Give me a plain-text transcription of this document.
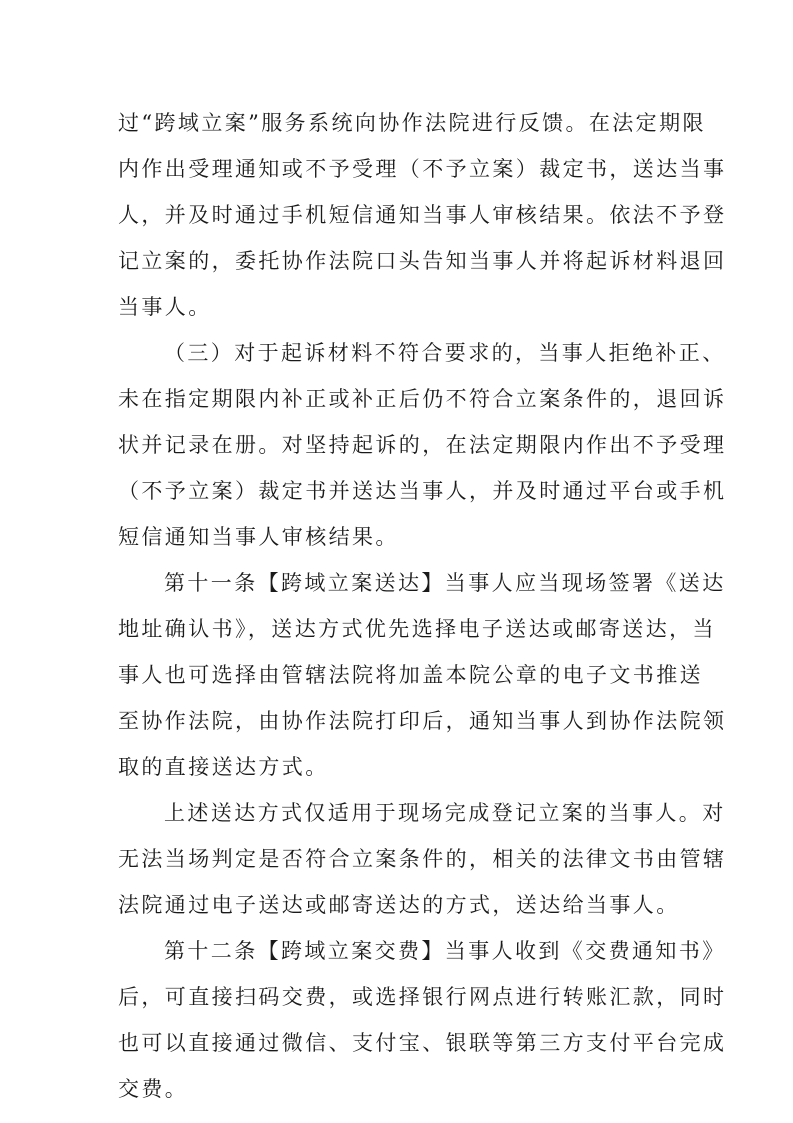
过“跨域立案”服务系统向协作法院进行反馈。在法定期限
内作出受理通知或不予受理（不予立案）裁定书，送达当事
人，并及时通过手机短信通知当事人审核结果。依法不予登
记立案的，委托协作法院口头告知当事人并将起诉材料退回
当事人。
（三）对于起诉材料不符合要求的，当事人拒绝补正、
未在指定期限内补正或补正后仍不符合立案条件的，退回诉
状并记录在册。对坚持起诉的，在法定期限内作出不予受理
（不予立案）裁定书并送达当事人，并及时通过平台或手机
短信通知当事人审核结果。
第十一条【跨域立案送达】当事人应当现场签署《送达
地址确认书》，送达方式优先选择电子送达或邮寄送达，当
事人也可选择由管辖法院将加盖本院公章的电子文书推送
至协作法院，由协作法院打印后，通知当事人到协作法院领
取的直接送达方式。
上述送达方式仅适用于现场完成登记立案的当事人。对
无法当场判定是否符合立案条件的，相关的法律文书由管辖
法院通过电子送达或邮寄送达的方式，送达给当事人。
第十二条【跨域立案交费】当事人收到《交费通知书》
后，可直接扫码交费，或选择银行网点进行转账汇款，同时
也可以直接通过微信、支付宝、银联等第三方支付平台完成
交费。
